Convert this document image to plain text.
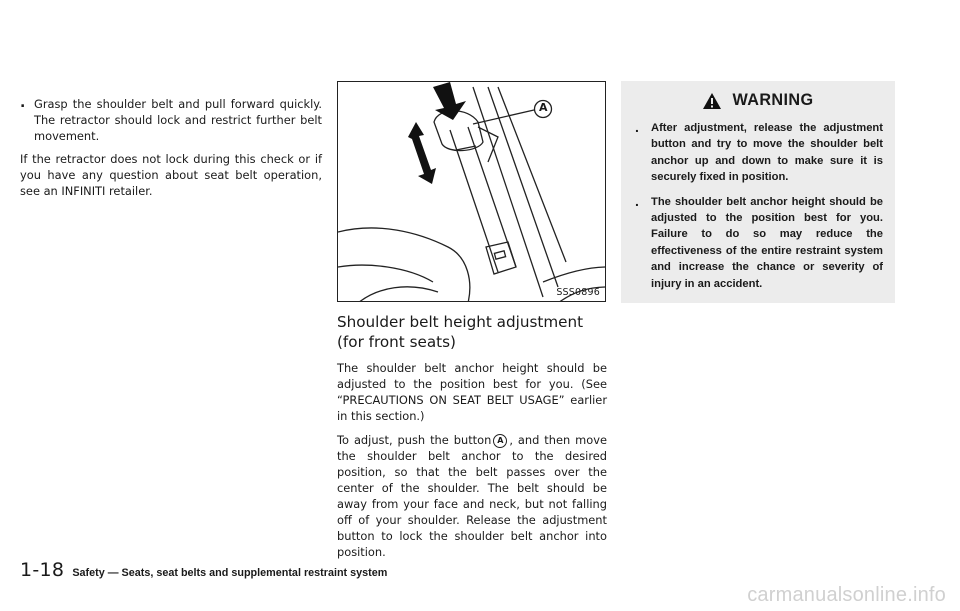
. Grasp the shoulder belt and pull forward quickly. The retractor should lock and restrict further belt movement.

If the retractor does not lock during this check or if you have any question about seat belt operation, see an INFINITI retailer.

A
SSS0896
Shoulder belt height adjustment
(for front seats)

The shoulder belt anchor height should be adjusted to the position best for you. (See “PRECAUTIONS ON SEAT BELT USAGE” earlier in this section.)

To adjust, push the button A , and then move the shoulder belt anchor to the desired position, so that the belt passes over the center of the shoulder. The belt should be away from your face and neck, but not falling off of your shoulder. Release the adjustment button to lock the shoulder belt anchor into position.

WARNING
.	After adjustment, release the adjustment button and try to move the shoulder belt anchor up and down to make sure it is securely fixed in position.
.	The shoulder belt anchor height should be adjusted to the position best for you. Failure to do so may reduce the effectiveness of the entire restraint system and increase the chance or severity of injury in an accident.
1-18 Safety — Seats, seat belts and supplemental restraint system
carmanualsonline.info
